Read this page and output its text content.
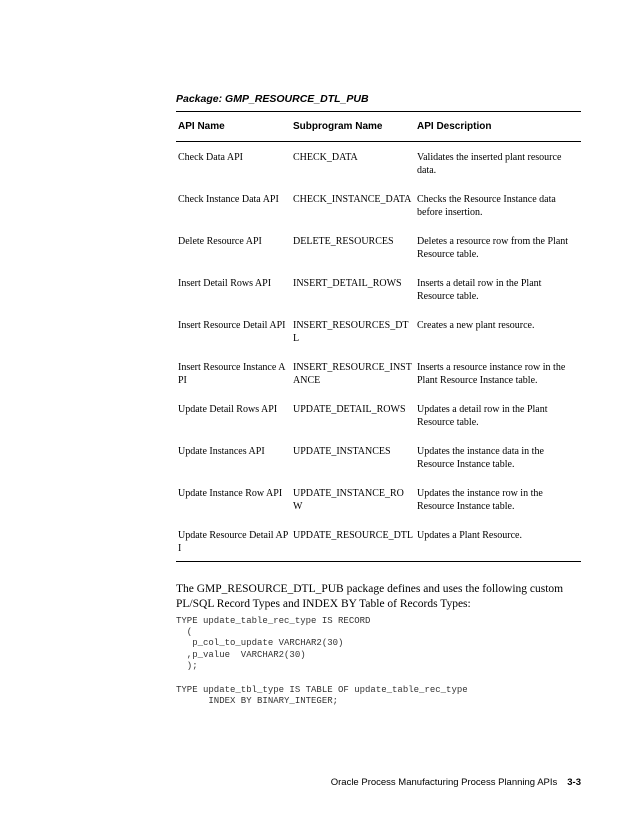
Package: GMP_RESOURCE_DTL_PUB
API Name	Subprogram Name	API Description
Check Data API	CHECK_DATA	Validates the inserted plant resource data.
Check Instance Data API	CHECK_INSTANCE_DATA	Checks the Resource Instance data before insertion.
Delete Resource API	DELETE_RESOURCES	Deletes a resource row from the Plant Resource table.
Insert Detail Rows API	INSERT_DETAIL_ROWS	Inserts a detail row in the Plant Resource table.
Insert Resource Detail API	INSERT_RESOURCES_DTL	Creates a new plant resource.
Insert Resource Instance API	INSERT_RESOURCE_INSTANCE	Inserts a resource instance row in the Plant Resource Instance table.
Update Detail Rows API	UPDATE_DETAIL_ROWS	Updates a detail row in the Plant Resource table.
Update Instances API	UPDATE_INSTANCES	Updates the instance data in the Resource Instance table.
Update Instance Row API	UPDATE_INSTANCE_ROW	Updates the instance row in the Resource Instance table.
Update Resource Detail API	UPDATE_RESOURCE_DTL	Updates a Plant Resource.

The GMP_RESOURCE_DTL_PUB package defines and uses the following custom PL/SQL Record Types and INDEX BY Table of Records Types:

TYPE update_table_rec_type IS RECORD
(
p_col_to_update VARCHAR2(30)
,p_value  VARCHAR2(30)
);
TYPE update_tbl_type IS TABLE OF update_table_rec_type
INDEX BY BINARY_INTEGER;
Oracle Process Manufacturing Process Planning APIs 3-3
